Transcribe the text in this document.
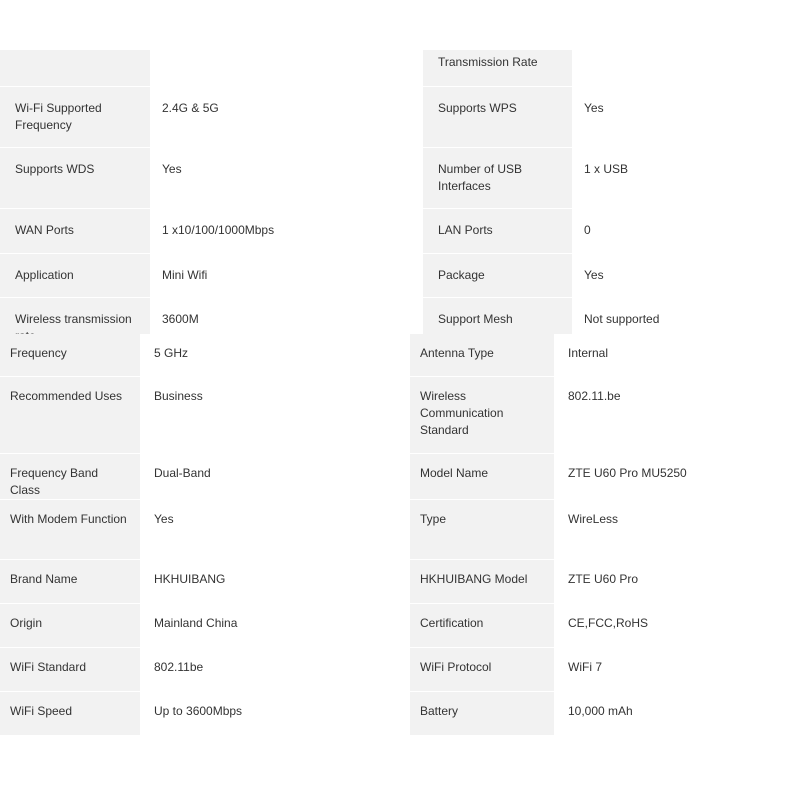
		Transmission Rate	
Wi-Fi Supported Frequency	2.4G & 5G	Supports WPS	Yes
Supports WDS	Yes	Number of USB Interfaces	1 x USB
WAN Ports	1 x10/100/1000Mbps	LAN Ports	0
Application	Mini Wifi	Package	Yes
Wireless transmission	3600M	Support Mesh	Not supported
Frequency	5 GHz	Antenna Type	Internal
Recommended Uses	Business	Wireless Communication Standard	802.11.be
Frequency Band Class	Dual-Band	Model Name	ZTE U60 Pro MU5250
With Modem Function	Yes	Type	WireLess
Brand Name	HKHUIBANG	HKHUIBANG Model	ZTE U60 Pro
Origin	Mainland China	Certification	CE,FCC,RoHS
WiFi Standard	802.11be	WiFi Protocol	WiFi 7
WiFi Speed	Up to 3600Mbps	Battery	10,000 mAh
